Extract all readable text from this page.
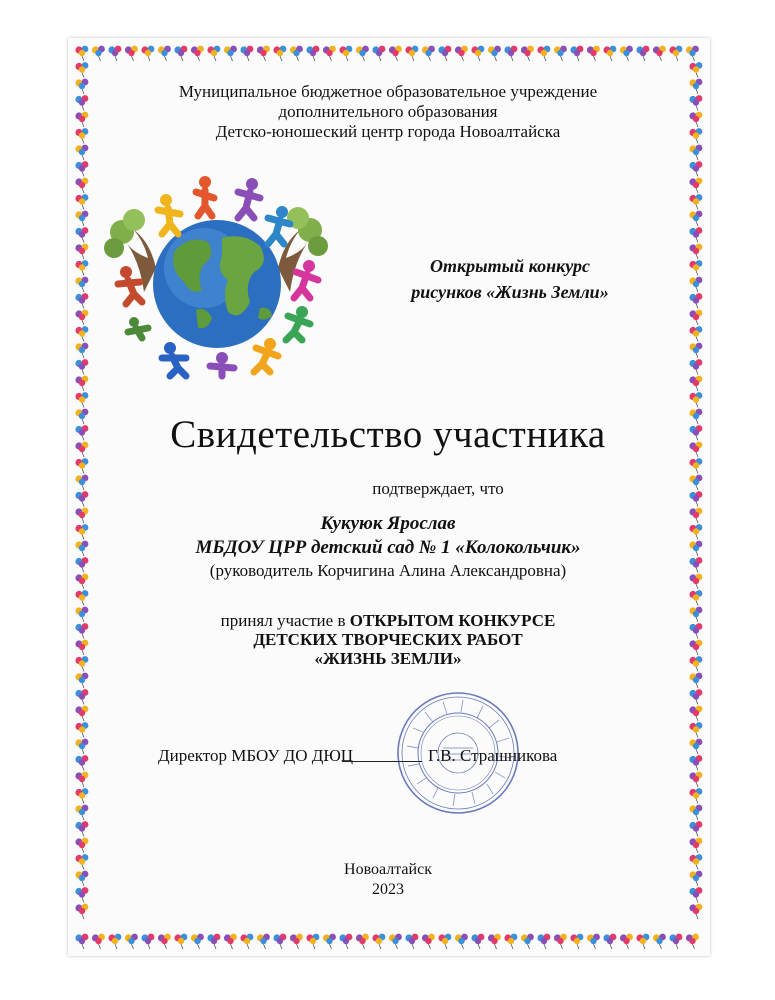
Муниципальное бюджетное образовательное учреждение
дополнительного образования
Детско-юношеский центр города Новоалтайска
Открытый конкурс
рисунков «Жизнь Земли»
Свидетельство участника
подтверждает, что
Кукуюк Ярослав
МБДОУ ЦРР детский сад № 1 «Колокольчик»
(руководитель Корчигина Алина Александровна)
принял участие в ОТКРЫТОМ КОНКУРСЕ
ДЕТСКИХ ТВОРЧЕСКИХ РАБОТ
«ЖИЗНЬ ЗЕМЛИ»
Директор МБОУ ДО ДЮЦ	Г.В. Страшникова
Новоалтайск
2023
